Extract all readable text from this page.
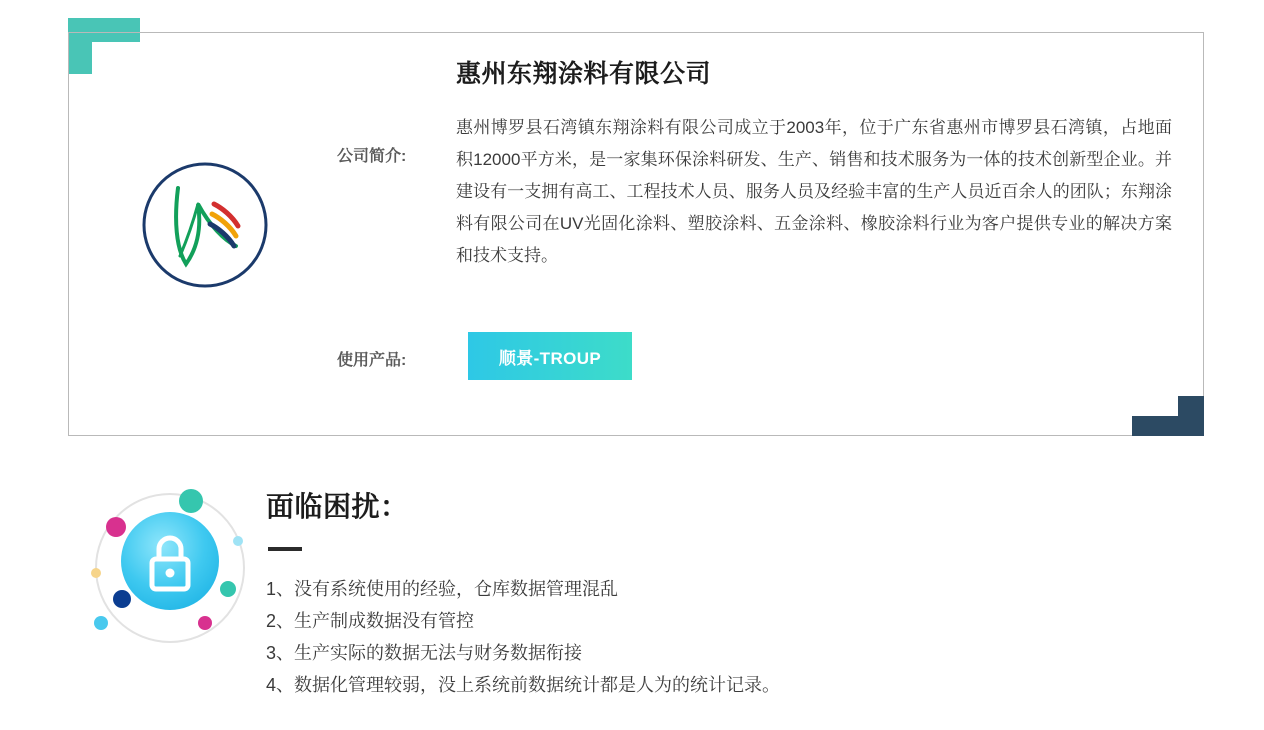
惠州东翔涂料有限公司
公司简介:
惠州博罗县石湾镇东翔涂料有限公司成立于2003年，位于广东省惠州市博罗县石湾镇，占地面积12000平方米，是一家集环保涂料研发、生产、销售和技术服务为一体的技术创新型企业。并建设有一支拥有高工、工程技术人员、服务人员及经验丰富的生产人员近百余人的团队；东翔涂料有限公司在UV光固化涂料、塑胶涂料、五金涂料、橡胶涂料行业为客户提供专业的解决方案和技术支持。
使用产品:	顺景-TROUP
面临困扰：
1、没有系统使用的经验，仓库数据管理混乱
2、生产制成数据没有管控
3、生产实际的数据无法与财务数据衔接
4、数据化管理较弱，没上系统前数据统计都是人为的统计记录。
